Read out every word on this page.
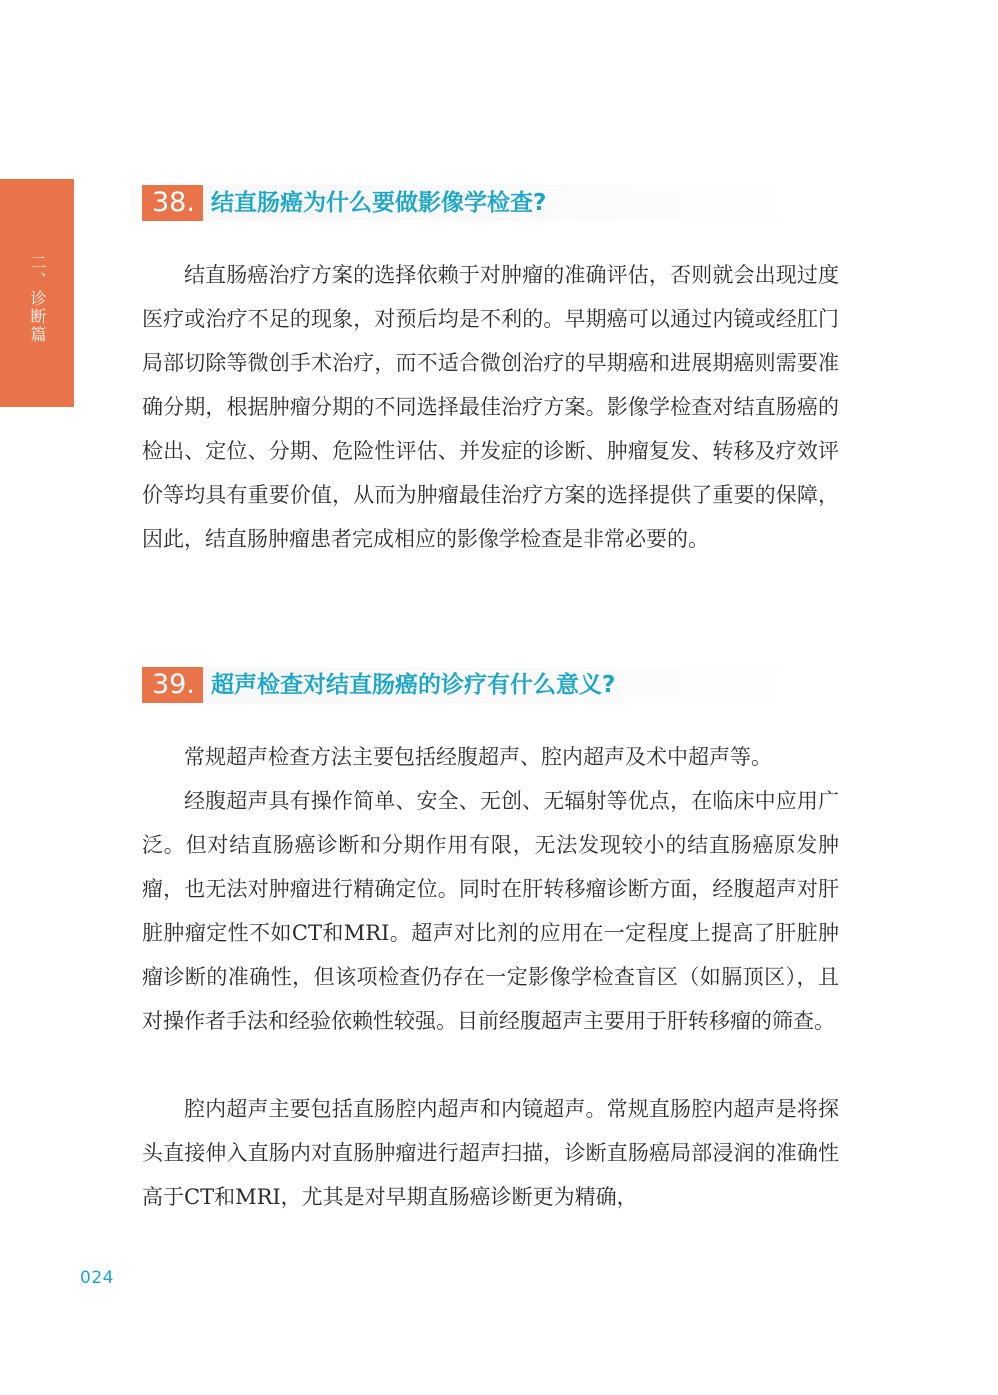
二、诊断篇
38. 结直肠癌为什么要做影像学检查?

结直肠癌治疗方案的选择依赖于对肿瘤的准确评估，否则就会出现过度医疗或治疗不足的现象，对预后均是不利的。早期癌可以通过内镜或经肛门局部切除等微创手术治疗，而不适合微创治疗的早期癌和进展期癌则需要准确分期，根据肿瘤分期的不同选择最佳治疗方案。影像学检查对结直肠癌的检出、定位、分期、危险性评估、并发症的诊断、肿瘤复发、转移及疗效评价等均具有重要价值，从而为肿瘤最佳治疗方案的选择提供了重要的保障，因此，结直肠肿瘤患者完成相应的影像学检查是非常必要的。

39. 超声检查对结直肠癌的诊疗有什么意义?

常规超声检查方法主要包括经腹超声、腔内超声及术中超声等。

经腹超声具有操作简单、安全、无创、无辐射等优点，在临床中应用广泛。但对结直肠癌诊断和分期作用有限，无法发现较小的结直肠癌原发肿瘤，也无法对肿瘤进行精确定位。同时在肝转移瘤诊断方面，经腹超声对肝脏肿瘤定性不如CT和MRI。超声对比剂的应用在一定程度上提高了肝脏肿瘤诊断的准确性，但该项检查仍存在一定影像学检查盲区（如膈顶区），且对操作者手法和经验依赖性较强。目前经腹超声主要用于肝转移瘤的筛查。

腔内超声主要包括直肠腔内超声和内镜超声。常规直肠腔内超声是将探头直接伸入直肠内对直肠肿瘤进行超声扫描，诊断直肠癌局部浸润的准确性高于CT和MRI，尤其是对早期直肠癌诊断更为精确，

024
